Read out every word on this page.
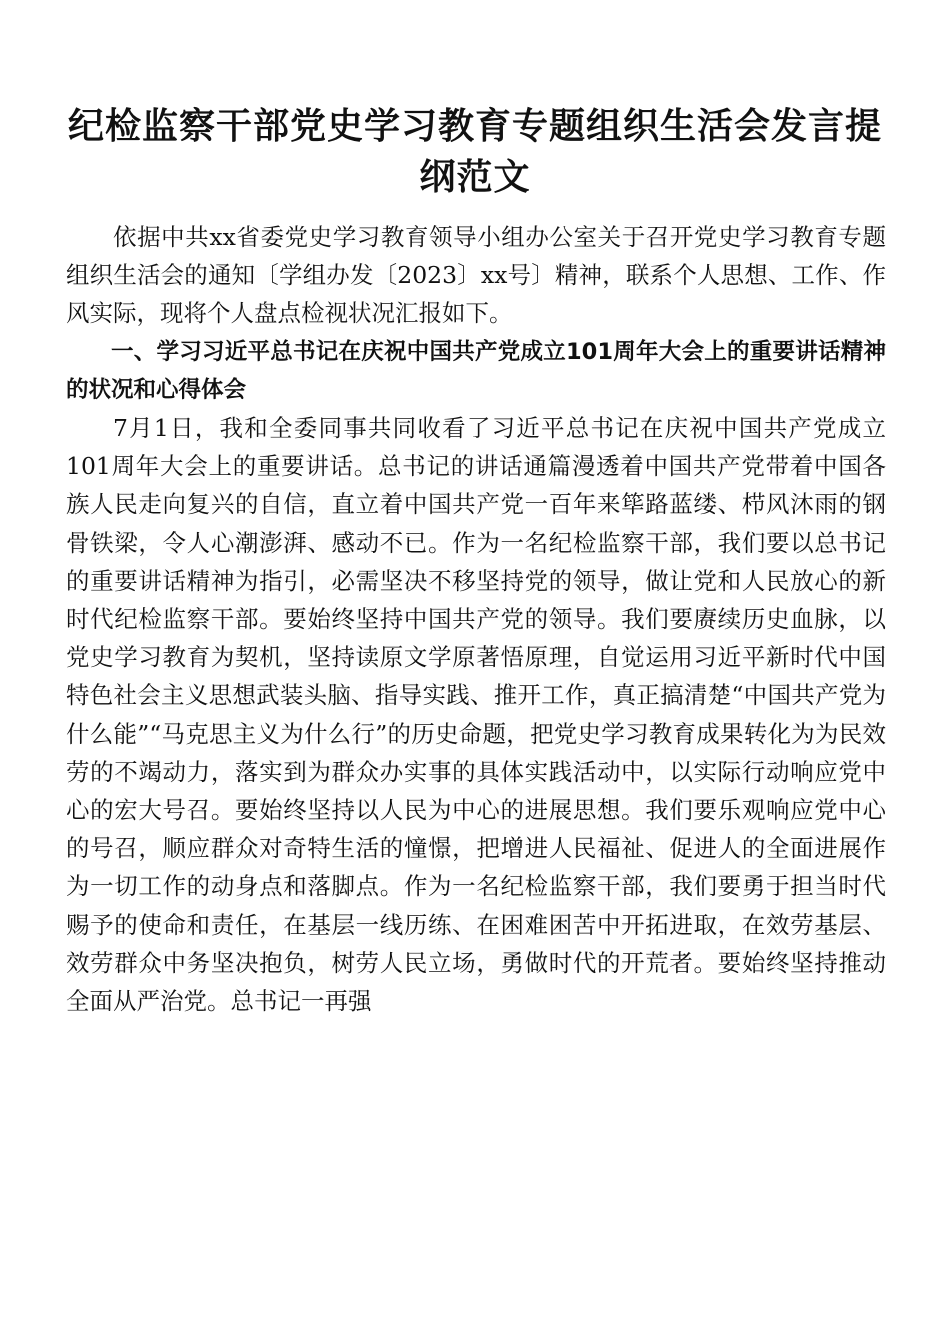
纪检监察干部党史学习教育专题组织生活会发言提纲范文

依据中共xx省委党史学习教育领导小组办公室关于召开党史学习教育专题组织生活会的通知〔学组办发〔2023〕xx号〕精神，联系个人思想、工作、作风实际，现将个人盘点检视状况汇报如下。

一、学习习近平总书记在庆祝中国共产党成立101周年大会上的重要讲话精神的状况和心得体会

7月1日，我和全委同事共同收看了习近平总书记在庆祝中国共产党成立101周年大会上的重要讲话。总书记的讲话通篇漫透着中国共产党带着中国各族人民走向复兴的自信，直立着中国共产党一百年来筚路蓝缕、栉风沐雨的钢骨铁梁，令人心潮澎湃、感动不已。作为一名纪检监察干部，我们要以总书记的重要讲话精神为指引，必需坚决不移坚持党的领导，做让党和人民放心的新时代纪检监察干部。要始终坚持中国共产党的领导。我们要赓续历史血脉，以党史学习教育为契机，坚持读原文学原著悟原理，自觉运用习近平新时代中国特色社会主义思想武装头脑、指导实践、推开工作，真正搞清楚“中国共产党为什么能”“马克思主义为什么行”的历史命题，把党史学习教育成果转化为为民效劳的不竭动力，落实到为群众办实事的具体实践活动中，以实际行动响应党中心的宏大号召。要始终坚持以人民为中心的进展思想。我们要乐观响应党中心的号召，顺应群众对奇特生活的憧憬，把增进人民福祉、促进人的全面进展作为一切工作的动身点和落脚点。作为一名纪检监察干部，我们要勇于担当时代赐予的使命和责任，在基层一线历练、在困难困苦中开拓进取，在效劳基层、效劳群众中务坚决抱负，树劳人民立场，勇做时代的开荒者。要始终坚持推动全面从严治党。总书记一再强
